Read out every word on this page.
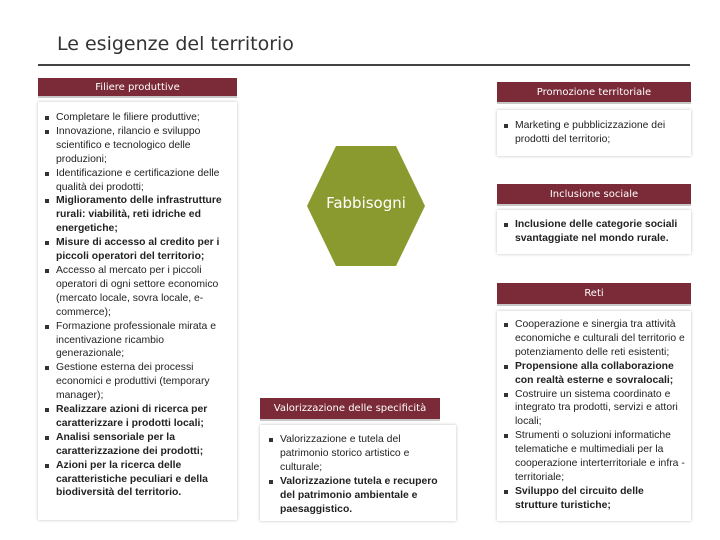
Le esigenze del territorio
Filiere produttive
Completare le filiere produttive;
Innovazione, rilancio e sviluppo scientifico e tecnologico delle produzioni;
Identificazione e certificazione delle qualità dei prodotti;
Miglioramento delle infrastrutture rurali: viabilità, reti idriche ed energetiche;
Misure di accesso al credito per i piccoli operatori del territorio;
Accesso al mercato per i piccoli operatori di ogni settore economico (mercato locale, sovra locale, e-commerce);
Formazione professionale mirata e incentivazione ricambio generazionale;
Gestione esterna dei processi economici e produttivi (temporary manager);
Realizzare azioni di ricerca per caratterizzare i prodotti locali;
Analisi sensoriale per la caratterizzazione dei prodotti;
Azioni per la ricerca delle caratteristiche peculiari e della biodiversità del territorio.
Fabbisogni
Valorizzazione delle specificità
Valorizzazione e tutela del patrimonio storico artistico e culturale;
Valorizzazione tutela e recupero del patrimonio ambientale e paesaggistico.
Promozione territoriale
Marketing e pubblicizzazione dei prodotti del territorio;
Inclusione sociale
Inclusione delle categorie sociali svantaggiate nel mondo rurale.
Reti
Cooperazione e sinergia tra attività economiche e culturali del territorio e potenziamento delle reti esistenti;
Propensione alla collaborazione con realtà esterne e sovralocali;
Costruire un sistema coordinato e integrato tra prodotti, servizi e attori locali;
Strumenti o soluzioni informatiche telematiche e multimediali per la cooperazione interterritoriale e infra -territoriale;
Sviluppo del circuito delle strutture turistiche;
